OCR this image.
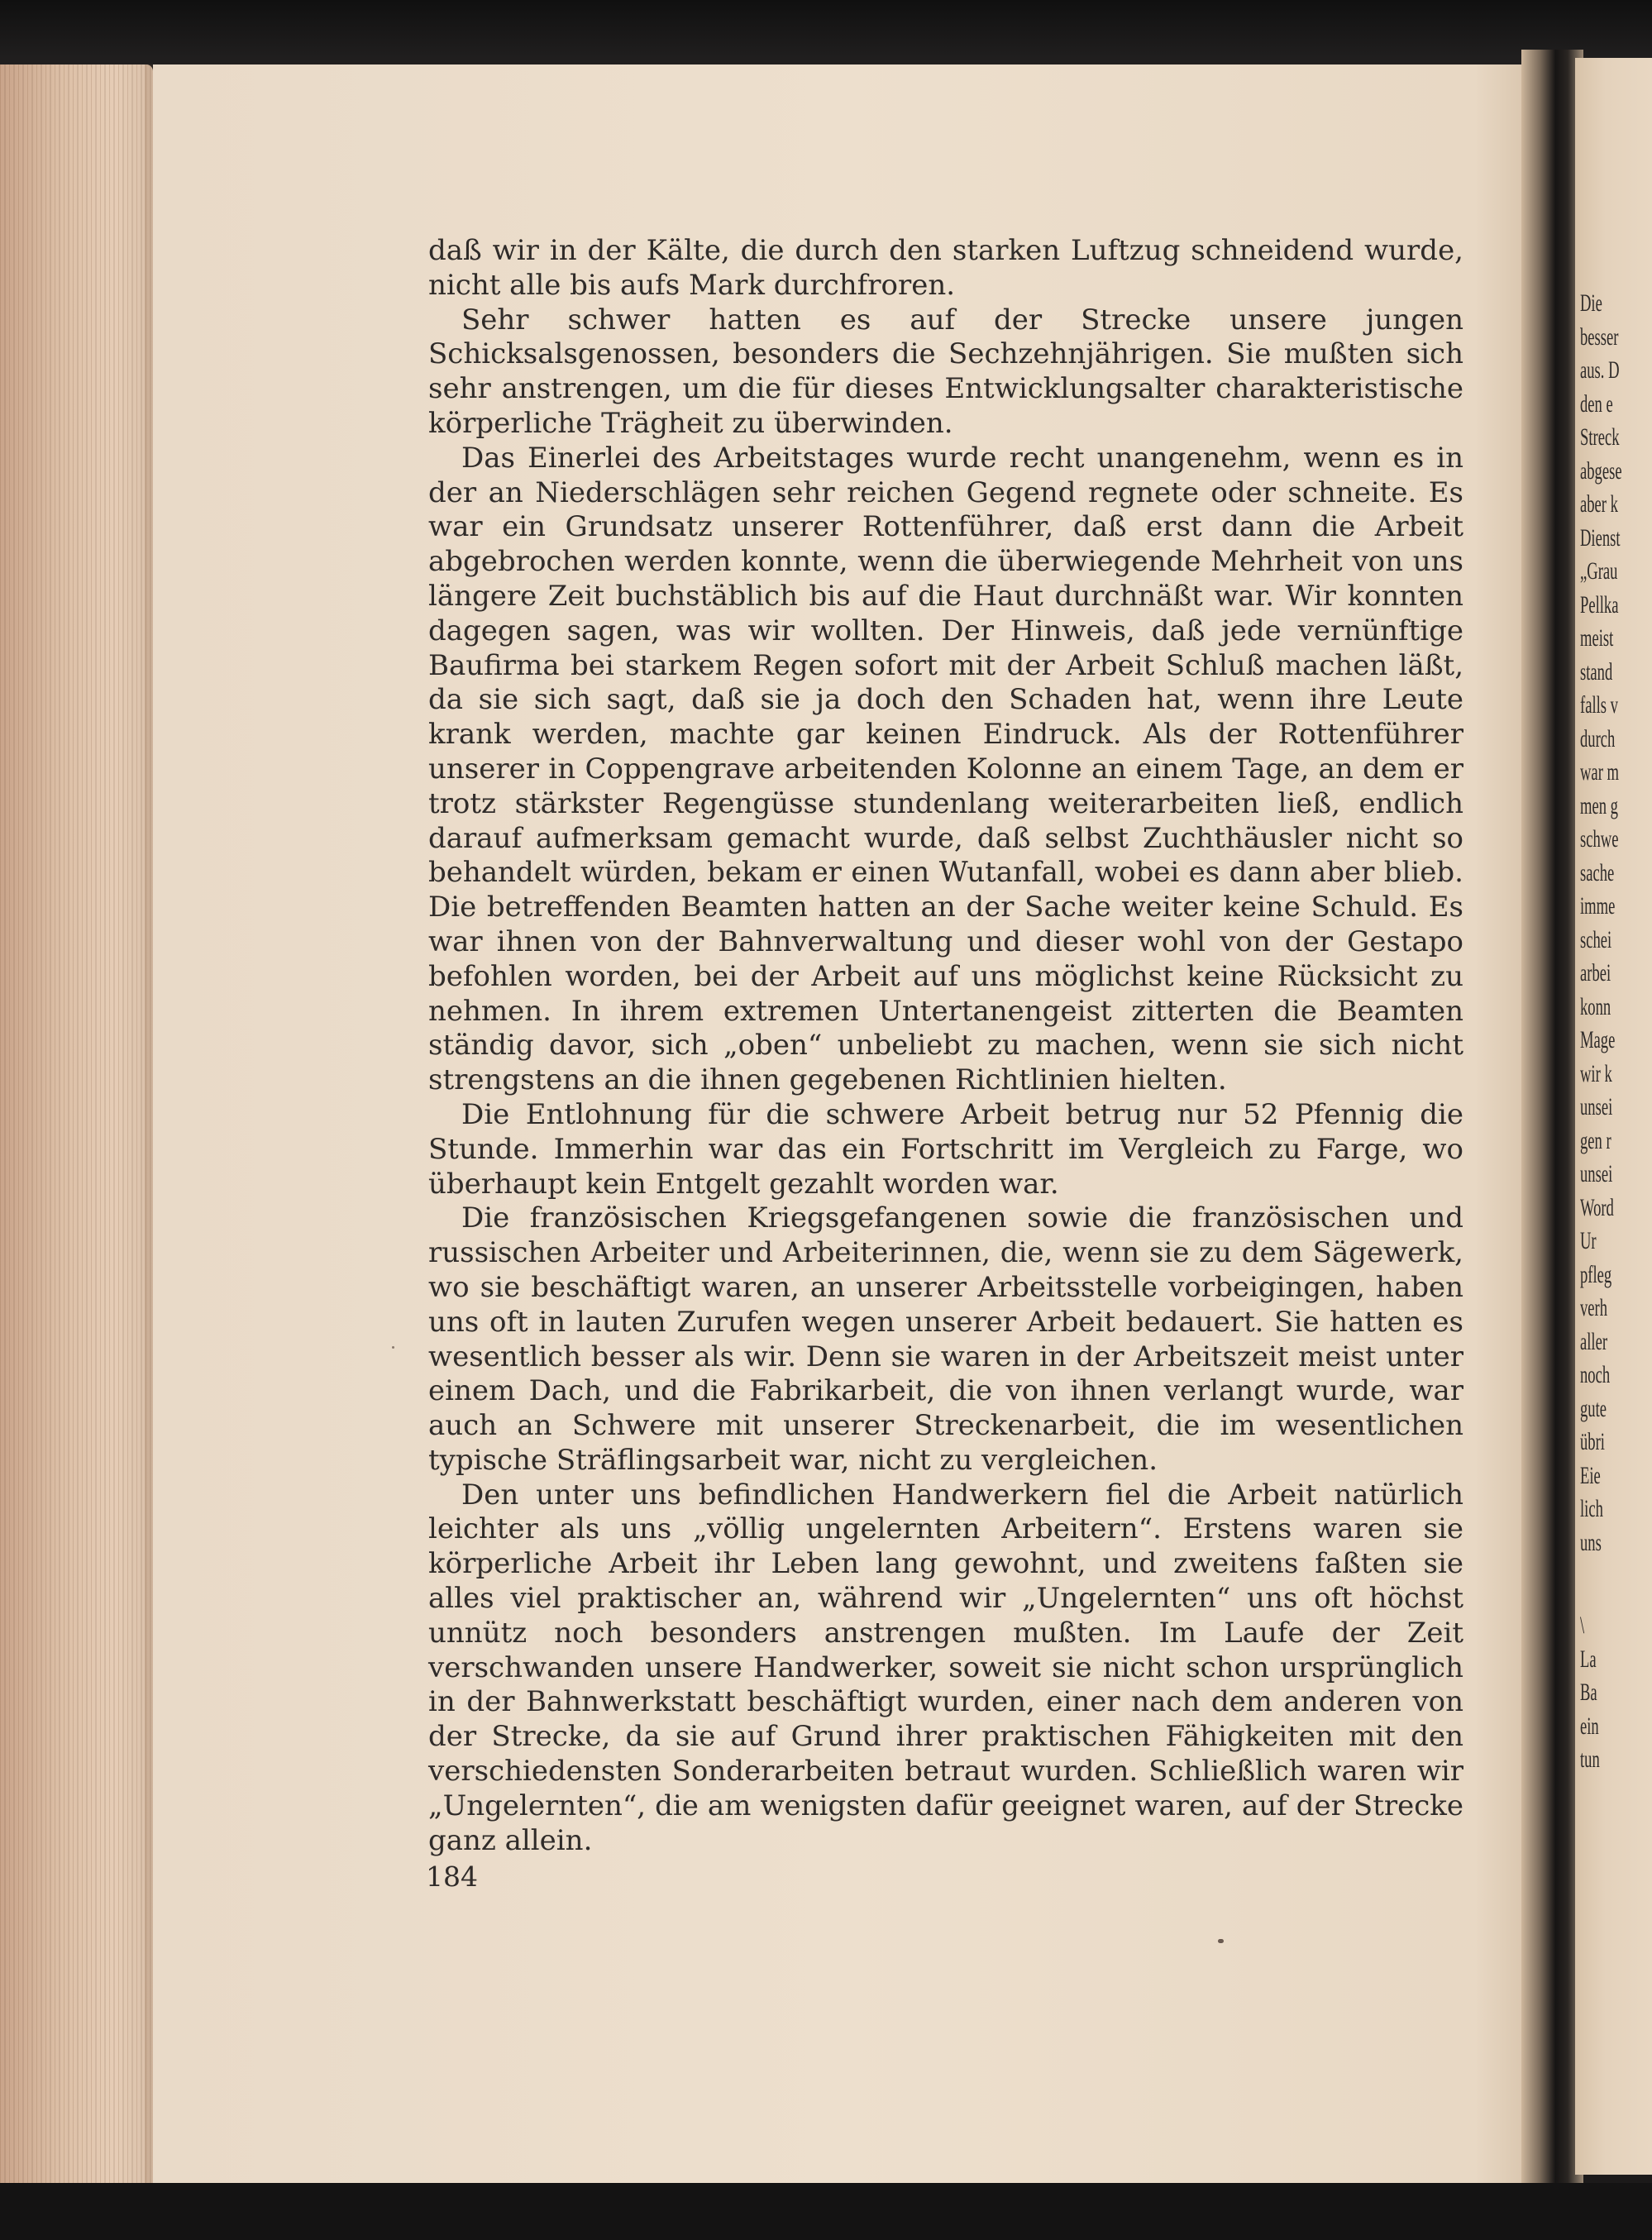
daß wir in der Kälte, die durch den starken Luftzug schneidend wurde, nicht alle bis aufs Mark durchfroren.

Sehr schwer hatten es auf der Strecke unsere jungen Schicksalsgenossen, besonders die Sechzehnjährigen. Sie mußten sich sehr anstrengen, um die für dieses Entwicklungsalter charakteristische körperliche Trägheit zu überwinden.

Das Einerlei des Arbeitstages wurde recht unangenehm, wenn es in der an Niederschlägen sehr reichen Gegend regnete oder schneite. Es war ein Grundsatz unserer Rottenführer, daß erst dann die Arbeit abgebrochen werden konnte, wenn die überwiegende Mehrheit von uns längere Zeit buchstäblich bis auf die Haut durchnäßt war. Wir konnten dagegen sagen, was wir wollten. Der Hinweis, daß jede vernünftige Baufirma bei starkem Regen sofort mit der Arbeit Schluß machen läßt, da sie sich sagt, daß sie ja doch den Schaden hat, wenn ihre Leute krank werden, machte gar keinen Eindruck. Als der Rottenführer unserer in Coppengrave arbeitenden Kolonne an einem Tage, an dem er trotz stärkster Regengüsse stundenlang weiterarbeiten ließ, endlich darauf aufmerksam gemacht wurde, daß selbst Zuchthäusler nicht so behandelt würden, bekam er einen Wutanfall, wobei es dann aber blieb. Die betreffenden Beamten hatten an der Sache weiter keine Schuld. Es war ihnen von der Bahnverwaltung und dieser wohl von der Gestapo befohlen worden, bei der Arbeit auf uns möglichst keine Rücksicht zu nehmen. In ihrem extremen Untertanengeist zitterten die Beamten ständig davor, sich „oben“ unbeliebt zu machen, wenn sie sich nicht strengstens an die ihnen gegebenen Richtlinien hielten.

Die Entlohnung für die schwere Arbeit betrug nur 52 Pfennig die Stunde. Immerhin war das ein Fortschritt im Vergleich zu Farge, wo überhaupt kein Entgelt gezahlt worden war.

Die französischen Kriegsgefangenen sowie die französischen und russischen Arbeiter und Arbeiterinnen, die, wenn sie zu dem Sägewerk, wo sie beschäftigt waren, an unserer Arbeitsstelle vorbeigingen, haben uns oft in lauten Zurufen wegen unserer Arbeit bedauert. Sie hatten es wesentlich besser als wir. Denn sie waren in der Arbeitszeit meist unter einem Dach, und die Fabrikarbeit, die von ihnen verlangt wurde, war auch an Schwere mit unserer Streckenarbeit, die im wesentlichen typische Sträflingsarbeit war, nicht zu vergleichen.

Den unter uns befindlichen Handwerkern fiel die Arbeit natürlich leichter als uns „völlig ungelernten Arbeitern“. Erstens waren sie körperliche Arbeit ihr Leben lang gewohnt, und zweitens faßten sie alles viel praktischer an, während wir „Ungelernten“ uns oft höchst unnütz noch besonders anstrengen mußten. Im Laufe der Zeit verschwanden unsere Handwerker, soweit sie nicht schon ursprünglich in der Bahnwerkstatt beschäftigt wurden, einer nach dem anderen von der Strecke, da sie auf Grund ihrer praktischen Fähigkeiten mit den verschiedensten Sonderarbeiten betraut wurden. Schließlich waren wir „Ungelernten“, die am wenigsten dafür geeignet waren, auf der Strecke ganz allein.

184
Die
besser
aus. D
den e
Streck
abgese
aber k
Dienst
„Grau
Pellka
meist
stand
falls v
durch
war m
men g
schwe
sache
imme
schei
arbei
konn
Mage
wir k
unsei
gen r
unsei
Word
Ur
pfleg
verh
aller
noch
gute
übri
Eie
lich
uns
\
La
Ba
ein
tun
